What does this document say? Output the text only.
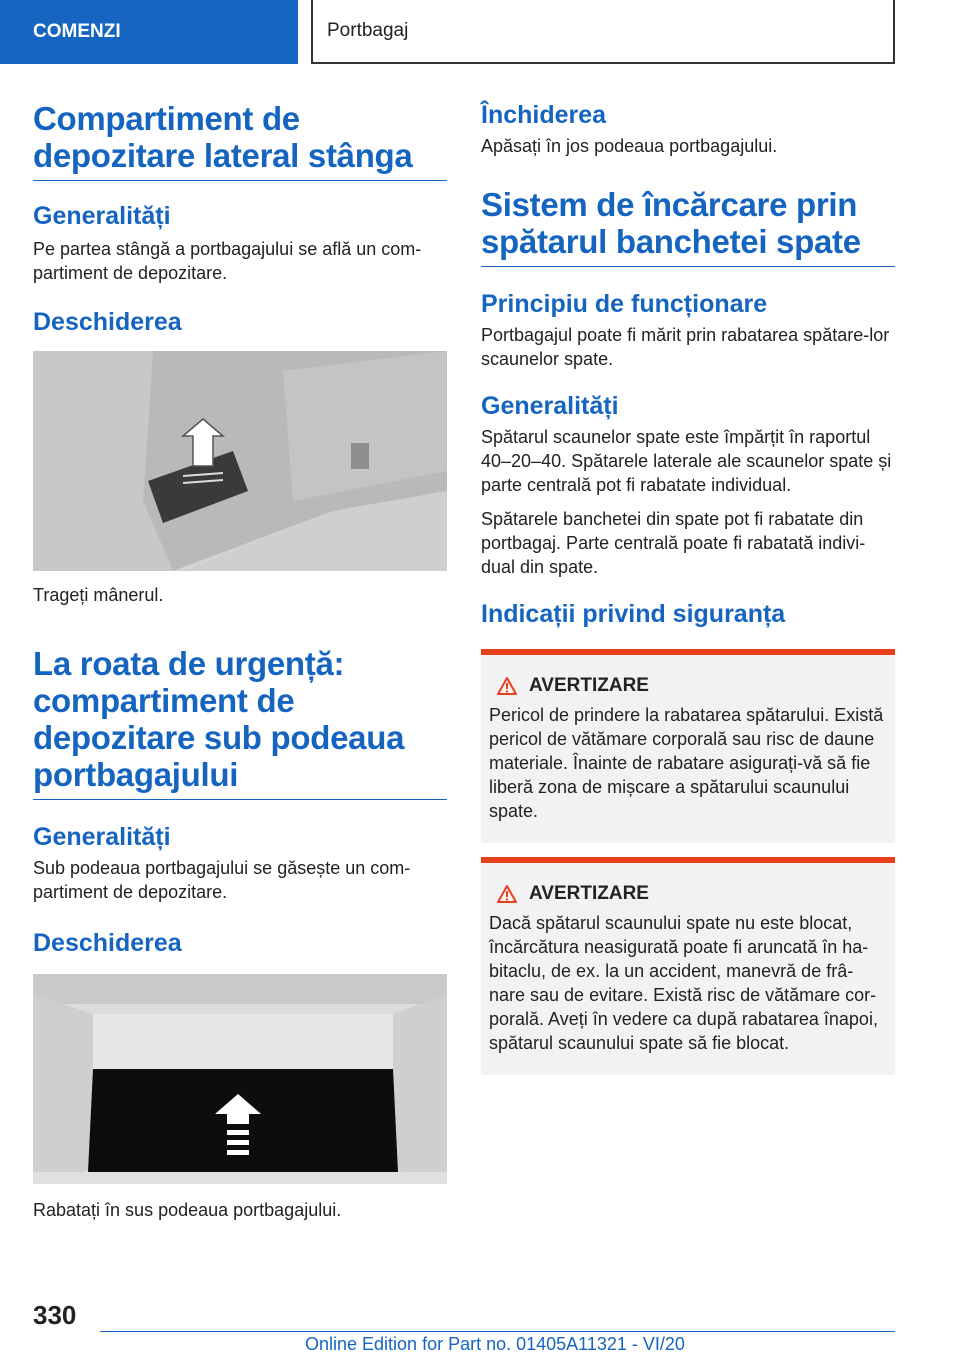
COMENZI	Portbagaj
Compartiment de depozitare lateral stânga
Generalități

Pe partea stângă a portbagajului se află un com-partiment de depozitare.

Deschiderea

Trageți mânerul.

La roata de urgență: compartiment de depozitare sub podeaua portbagajului
Generalități

Sub podeaua portbagajului se găsește un com-partiment de depozitare.

Deschiderea

Rabatați în sus podeaua portbagajului.

Închiderea

Apăsați în jos podeaua portbagajului.

Sistem de încărcare prin spătarul banchetei spate
Principiu de funcționare

Portbagajul poate fi mărit prin rabatarea spătare-lor scaunelor spate.

Generalități

Spătarul scaunelor spate este împărțit în raportul 40–20–40. Spătarele laterale ale scaunelor spate și parte centrală pot fi rabatate individual.

Spătarele banchetei din spate pot fi rabatate din portbagaj. Parte centrală poate fi rabatată indivi-dual din spate.

Indicații privind siguranța
AVERTIZARE

Pericol de prindere la rabatarea spătarului. Există pericol de vătămare corporală sau risc de daune materiale. Înainte de rabatare asigurați-vă să fie liberă zona de mișcare a spătarului scaunului spate.

AVERTIZARE

Dacă spătarul scaunului spate nu este blocat, încărcătura neasigurată poate fi aruncată în ha-bitaclu, de ex. la un accident, manevră de frâ-nare sau de evitare. Există risc de vătămare cor-porală. Aveți în vedere ca după rabatarea înapoi, spătarul scaunului spate să fie blocat.

330
Online Edition for Part no. 01405A11321 - VI/20
